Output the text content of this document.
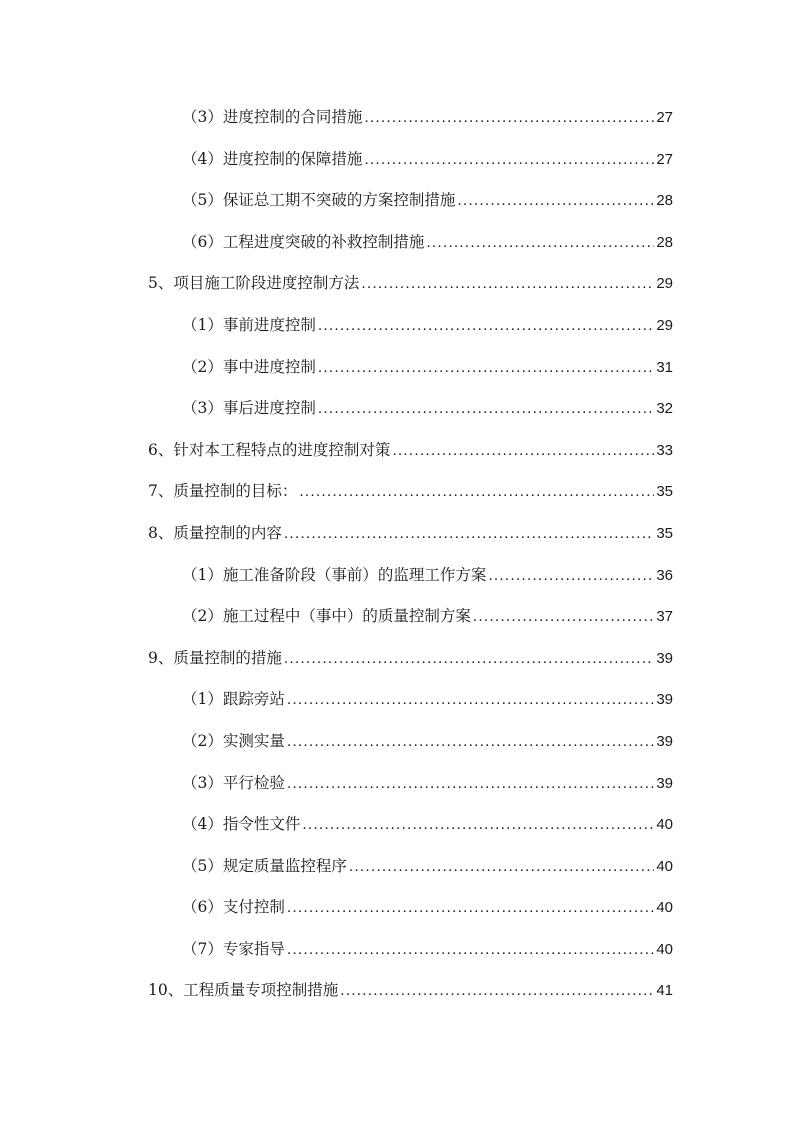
（3）进度控制的合同措施 .....	27
（4）进度控制的保障措施 .....	27
（5）保证总工期不突破的方案控制措施 .....	28
（6）工程进度突破的补救控制措施 .....	28
5、项目施工阶段进度控制方法 .....	29
（1）事前进度控制 .....	29
（2）事中进度控制 .....	31
（3）事后进度控制 .....	32
6、针对本工程特点的进度控制对策 .....	33
7、质量控制的目标： .....	35
8、质量控制的内容 .....	35
（1）施工准备阶段（事前）的监理工作方案 .....	36
（2）施工过程中（事中）的质量控制方案 .....	37
9、质量控制的措施 .....	39
（1）跟踪旁站 .....	39
（2）实测实量 .....	39
（3）平行检验 .....	39
（4）指令性文件 .....	40
（5）规定质量监控程序 .....	40
（6）支付控制 .....	40
（7）专家指导 .....	40
10、工程质量专项控制措施 .....	41
